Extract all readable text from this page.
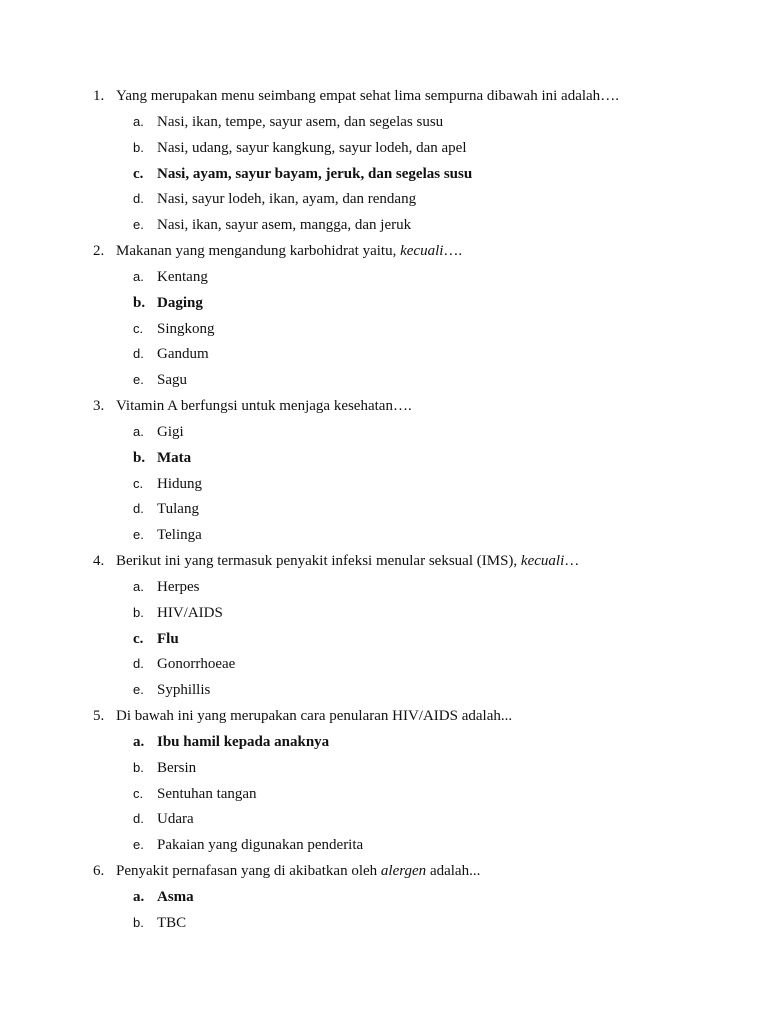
1. Yang merupakan menu seimbang empat sehat lima sempurna dibawah ini adalah….
a. Nasi, ikan, tempe, sayur asem, dan segelas susu
b. Nasi, udang, sayur kangkung, sayur lodeh, dan apel
c. Nasi, ayam, sayur bayam, jeruk, dan segelas susu
d. Nasi, sayur lodeh, ikan, ayam, dan rendang
e. Nasi, ikan, sayur asem, mangga, dan jeruk
2. Makanan yang mengandung karbohidrat yaitu, kecuali….
a. Kentang
b. Daging
c. Singkong
d. Gandum
e. Sagu
3. Vitamin A berfungsi untuk menjaga kesehatan….
a. Gigi
b. Mata
c. Hidung
d. Tulang
e. Telinga
4. Berikut ini yang termasuk penyakit infeksi menular seksual (IMS), kecuali…
a. Herpes
b. HIV/AIDS
c. Flu
d. Gonorrhoeae
e. Syphillis
5. Di bawah ini yang merupakan cara penularan HIV/AIDS adalah...
a. Ibu hamil kepada anaknya
b. Bersin
c. Sentuhan tangan
d. Udara
e. Pakaian yang digunakan penderita
6. Penyakit pernafasan yang di akibatkan oleh alergen adalah...
a. Asma
b. TBC
